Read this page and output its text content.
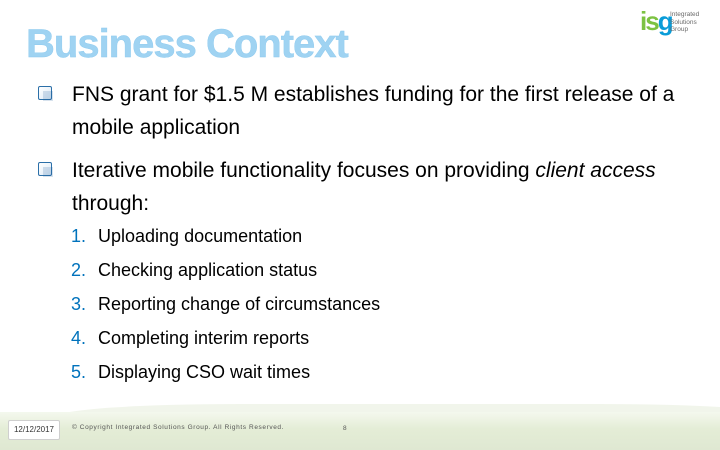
Business Context
isg
Integrated
Solutions
Group
FNS grant for $1.5 M establishes funding for the first release of a mobile application
Iterative mobile functionality focuses on providing client access through:
1. Uploading documentation
2. Checking application status
3. Reporting change of circumstances
4. Completing interim reports
5. Displaying CSO wait times
12/12/2017	© Copyright Integrated Solutions Group. All Rights Reserved.	8
